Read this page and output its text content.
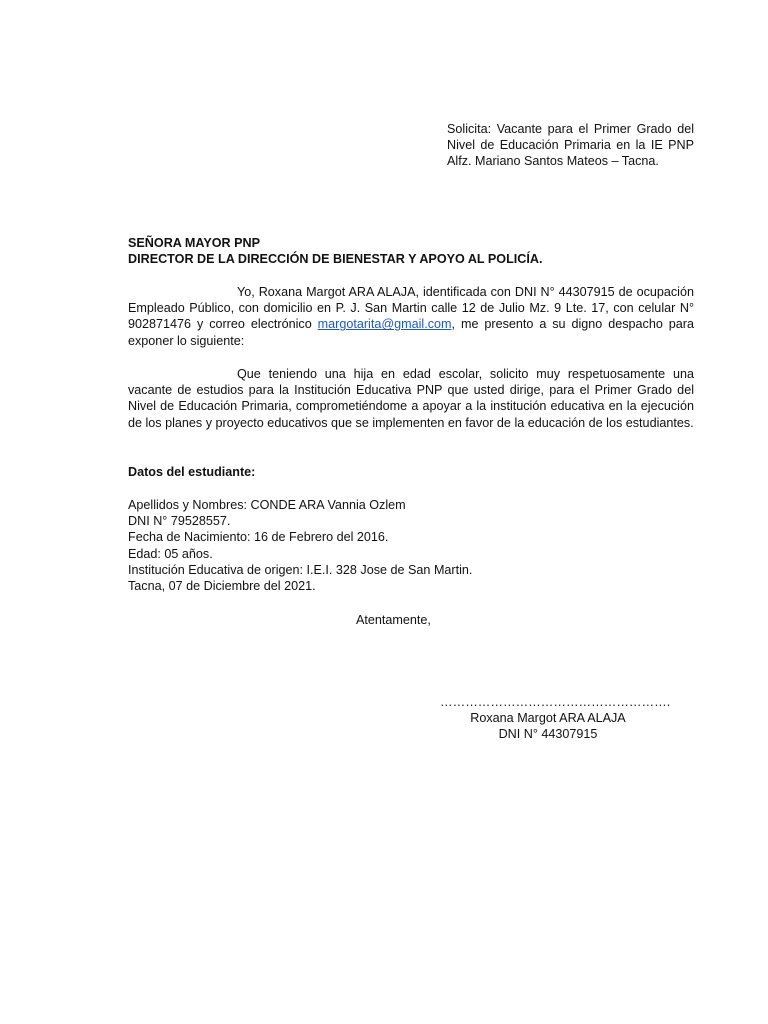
Solicita: Vacante para el Primer Grado del Nivel de Educación Primaria en la IE PNP Alfz. Mariano Santos Mateos – Tacna.
SEÑORA MAYOR PNP
DIRECTOR DE LA DIRECCIÓN DE BIENESTAR Y APOYO AL POLICÍA.
Yo, Roxana Margot ARA ALAJA, identificada con DNI N° 44307915 de ocupación Empleado Público, con domicilio en P. J. San Martin calle 12 de Julio Mz. 9 Lte. 17, con celular N° 902871476 y correo electrónico margotarita@gmail.com, me presento a su digno despacho para exponer lo siguiente:
Que teniendo una hija en edad escolar, solicito muy respetuosamente una vacante de estudios para la Institución Educativa PNP que usted dirige, para el Primer Grado del Nivel de Educación Primaria, comprometiéndome a apoyar a la institución educativa en la ejecución de los planes y proyecto educativos que se implementen en favor de la educación de los estudiantes.
Datos del estudiante:
Apellidos y Nombres: CONDE ARA Vannia Ozlem
DNI N° 79528557.
Fecha de Nacimiento: 16 de Febrero del 2016.
Edad: 05 años.
Institución Educativa de origen: I.E.I. 328 Jose de San Martin.
Tacna, 07 de Diciembre del 2021.
Atentamente,
……………………………………………….
Roxana Margot ARA ALAJA
DNI N° 44307915
